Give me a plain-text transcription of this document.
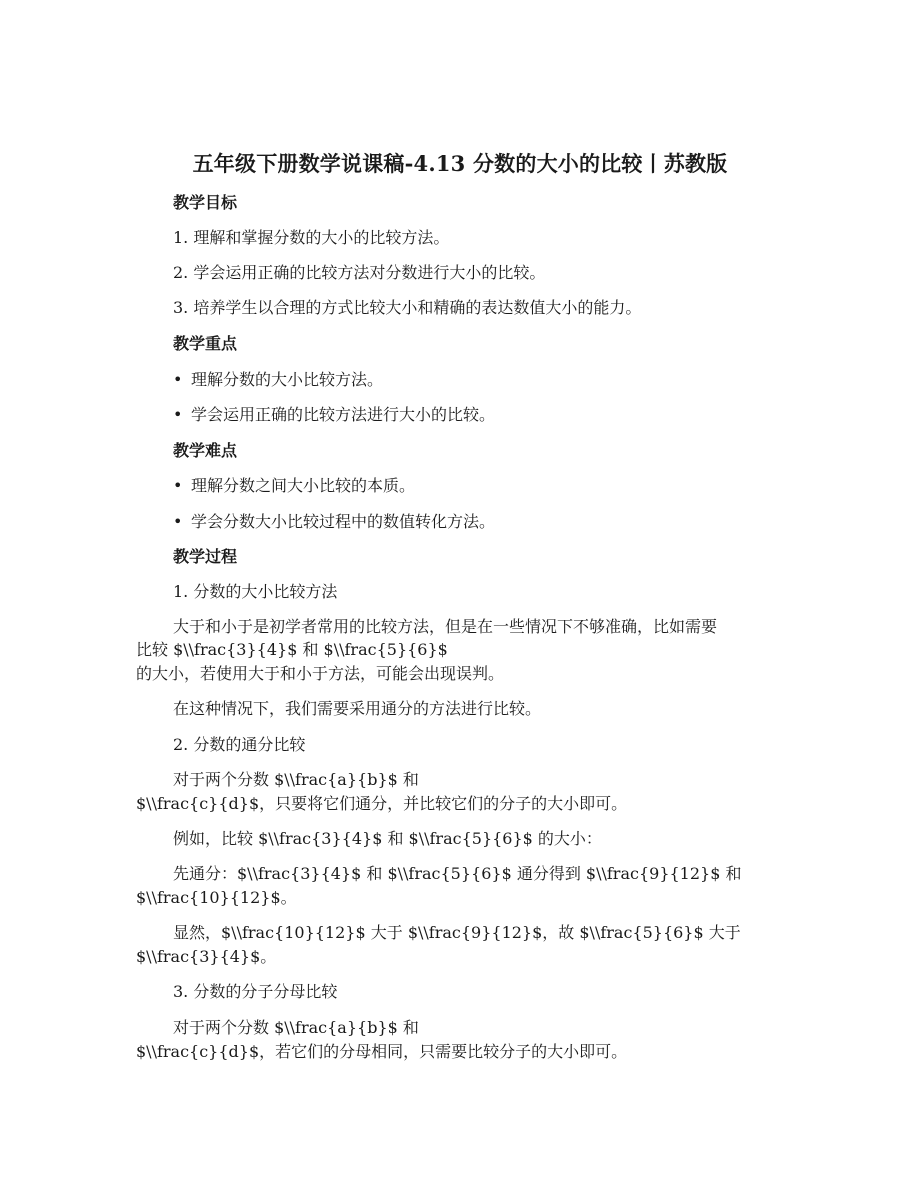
五年级下册数学说课稿-4.13 分数的大小的比较丨苏教版
教学目标
1. 理解和掌握分数的大小的比较方法。
2. 学会运用正确的比较方法对分数进行大小的比较。
3. 培养学生以合理的方式比较大小和精确的表达数值大小的能力。
教学重点
• 理解分数的大小比较方法。
• 学会运用正确的比较方法进行大小的比较。
教学难点
• 理解分数之间大小比较的本质。
• 学会分数大小比较过程中的数值转化方法。
教学过程
1. 分数的大小比较方法
大于和小于是初学者常用的比较方法，但是在一些情况下不够准确，比如需要
比较 $\\frac{3}{4}$ 和 $\\frac{5}{6}$
的大小，若使用大于和小于方法，可能会出现误判。
在这种情况下，我们需要采用通分的方法进行比较。
2. 分数的通分比较
对于两个分数 $\\frac{a}{b}$ 和
$\\frac{c}{d}$，只要将它们通分，并比较它们的分子的大小即可。
例如，比较 $\\frac{3}{4}$ 和 $\\frac{5}{6}$ 的大小：
先通分：$\\frac{3}{4}$ 和 $\\frac{5}{6}$ 通分得到 $\\frac{9}{12}$ 和
$\\frac{10}{12}$。
显然，$\\frac{10}{12}$ 大于 $\\frac{9}{12}$，故 $\\frac{5}{6}$ 大于
$\\frac{3}{4}$。
3. 分数的分子分母比较
对于两个分数 $\\frac{a}{b}$ 和
$\\frac{c}{d}$，若它们的分母相同，只需要比较分子的大小即可。
